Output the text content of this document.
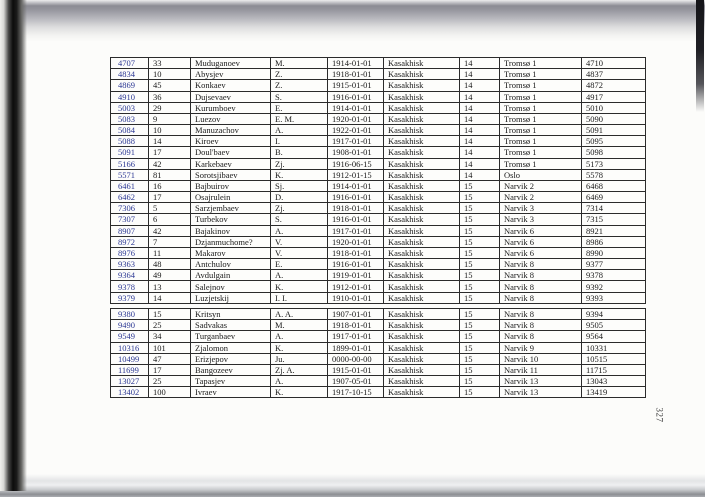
4707	33	Muduganoev	M.	1914-01-01	Kasakhisk	14	Tromsø 1	4710
4834	10	Abysjev	Z.	1918-01-01	Kasakhisk	14	Tromsø 1	4837
4869	45	Konkaev	Z.	1915-01-01	Kasakhisk	14	Tromsø 1	4872
4910	36	Dujsevaev	S.	1916-01-01	Kasakhisk	14	Tromsø 1	4917
5003	29	Kurumboev	E.	1914-01-01	Kasakhisk	14	Tromsø 1	5010
5083	9	Luezov	E. M.	1920-01-01	Kasakhisk	14	Tromsø 1	5090
5084	10	Manuzachov	A.	1922-01-01	Kasakhisk	14	Tromsø 1	5091
5088	14	Kiroev	I.	1917-01-01	Kasakhisk	14	Tromsø 1	5095
5091	17	Doul'baev	B.	1908-01-01	Kasakhisk	14	Tromsø 1	5098
5166	42	Karkebaev	Zj.	1916-06-15	Kasakhisk	14	Tromsø 1	5173
5571	81	Sorotsjibaev	K.	1912-01-15	Kasakhisk	14	Oslo	5578
6461	16	Bajbuirov	Sj.	1914-01-01	Kasakhisk	15	Narvik 2	6468
6462	17	Osajrulein	D.	1916-01-01	Kasakhisk	15	Narvik 2	6469
7306	5	Sarzjembaev	Zj.	1918-01-01	Kasakhisk	15	Narvik 3	7314
7307	6	Turbekov	S.	1916-01-01	Kasakhisk	15	Narvik 3	7315
8907	42	Bajakinov	A.	1917-01-01	Kasakhisk	15	Narvik 6	8921
8972	7	Dzjanmuchome?	V.	1920-01-01	Kasakhisk	15	Narvik 6	8986
8976	11	Makarov	V.	1918-01-01	Kasakhisk	15	Narvik 6	8990
9363	48	Antchulov	E.	1916-01-01	Kasakhisk	15	Narvik 8	9377
9364	49	Avdulgain	A.	1919-01-01	Kasakhisk	15	Narvik 8	9378
9378	13	Salejnov	K.	1912-01-01	Kasakhisk	15	Narvik 8	9392
9379	14	Luzjetskij	I. I.	1910-01-01	Kasakhisk	15	Narvik 8	9393
9380	15	Kritsyn	A. A.	1907-01-01	Kasakhisk	15	Narvik 8	9394
9490	25	Sadvakas	M.	1918-01-01	Kasakhisk	15	Narvik 8	9505
9549	34	Turganbaev	A.	1917-01-01	Kasakhisk	15	Narvik 8	9564
10316	101	Zjalomon	K.	1899-01-01	Kasakhisk	15	Narvik 9	10331
10499	47	Erizjepov	Ju.	0000-00-00	Kasakhisk	15	Narvik 10	10515
11699	17	Bangozeev	Zj. A.	1915-01-01	Kasakhisk	15	Narvik 11	11715
13027	25	Tapasjev	A.	1907-05-01	Kasakhisk	15	Narvik 13	13043
13402	100	Ivraev	K.	1917-10-15	Kasakhisk	15	Narvik 13	13419
327
